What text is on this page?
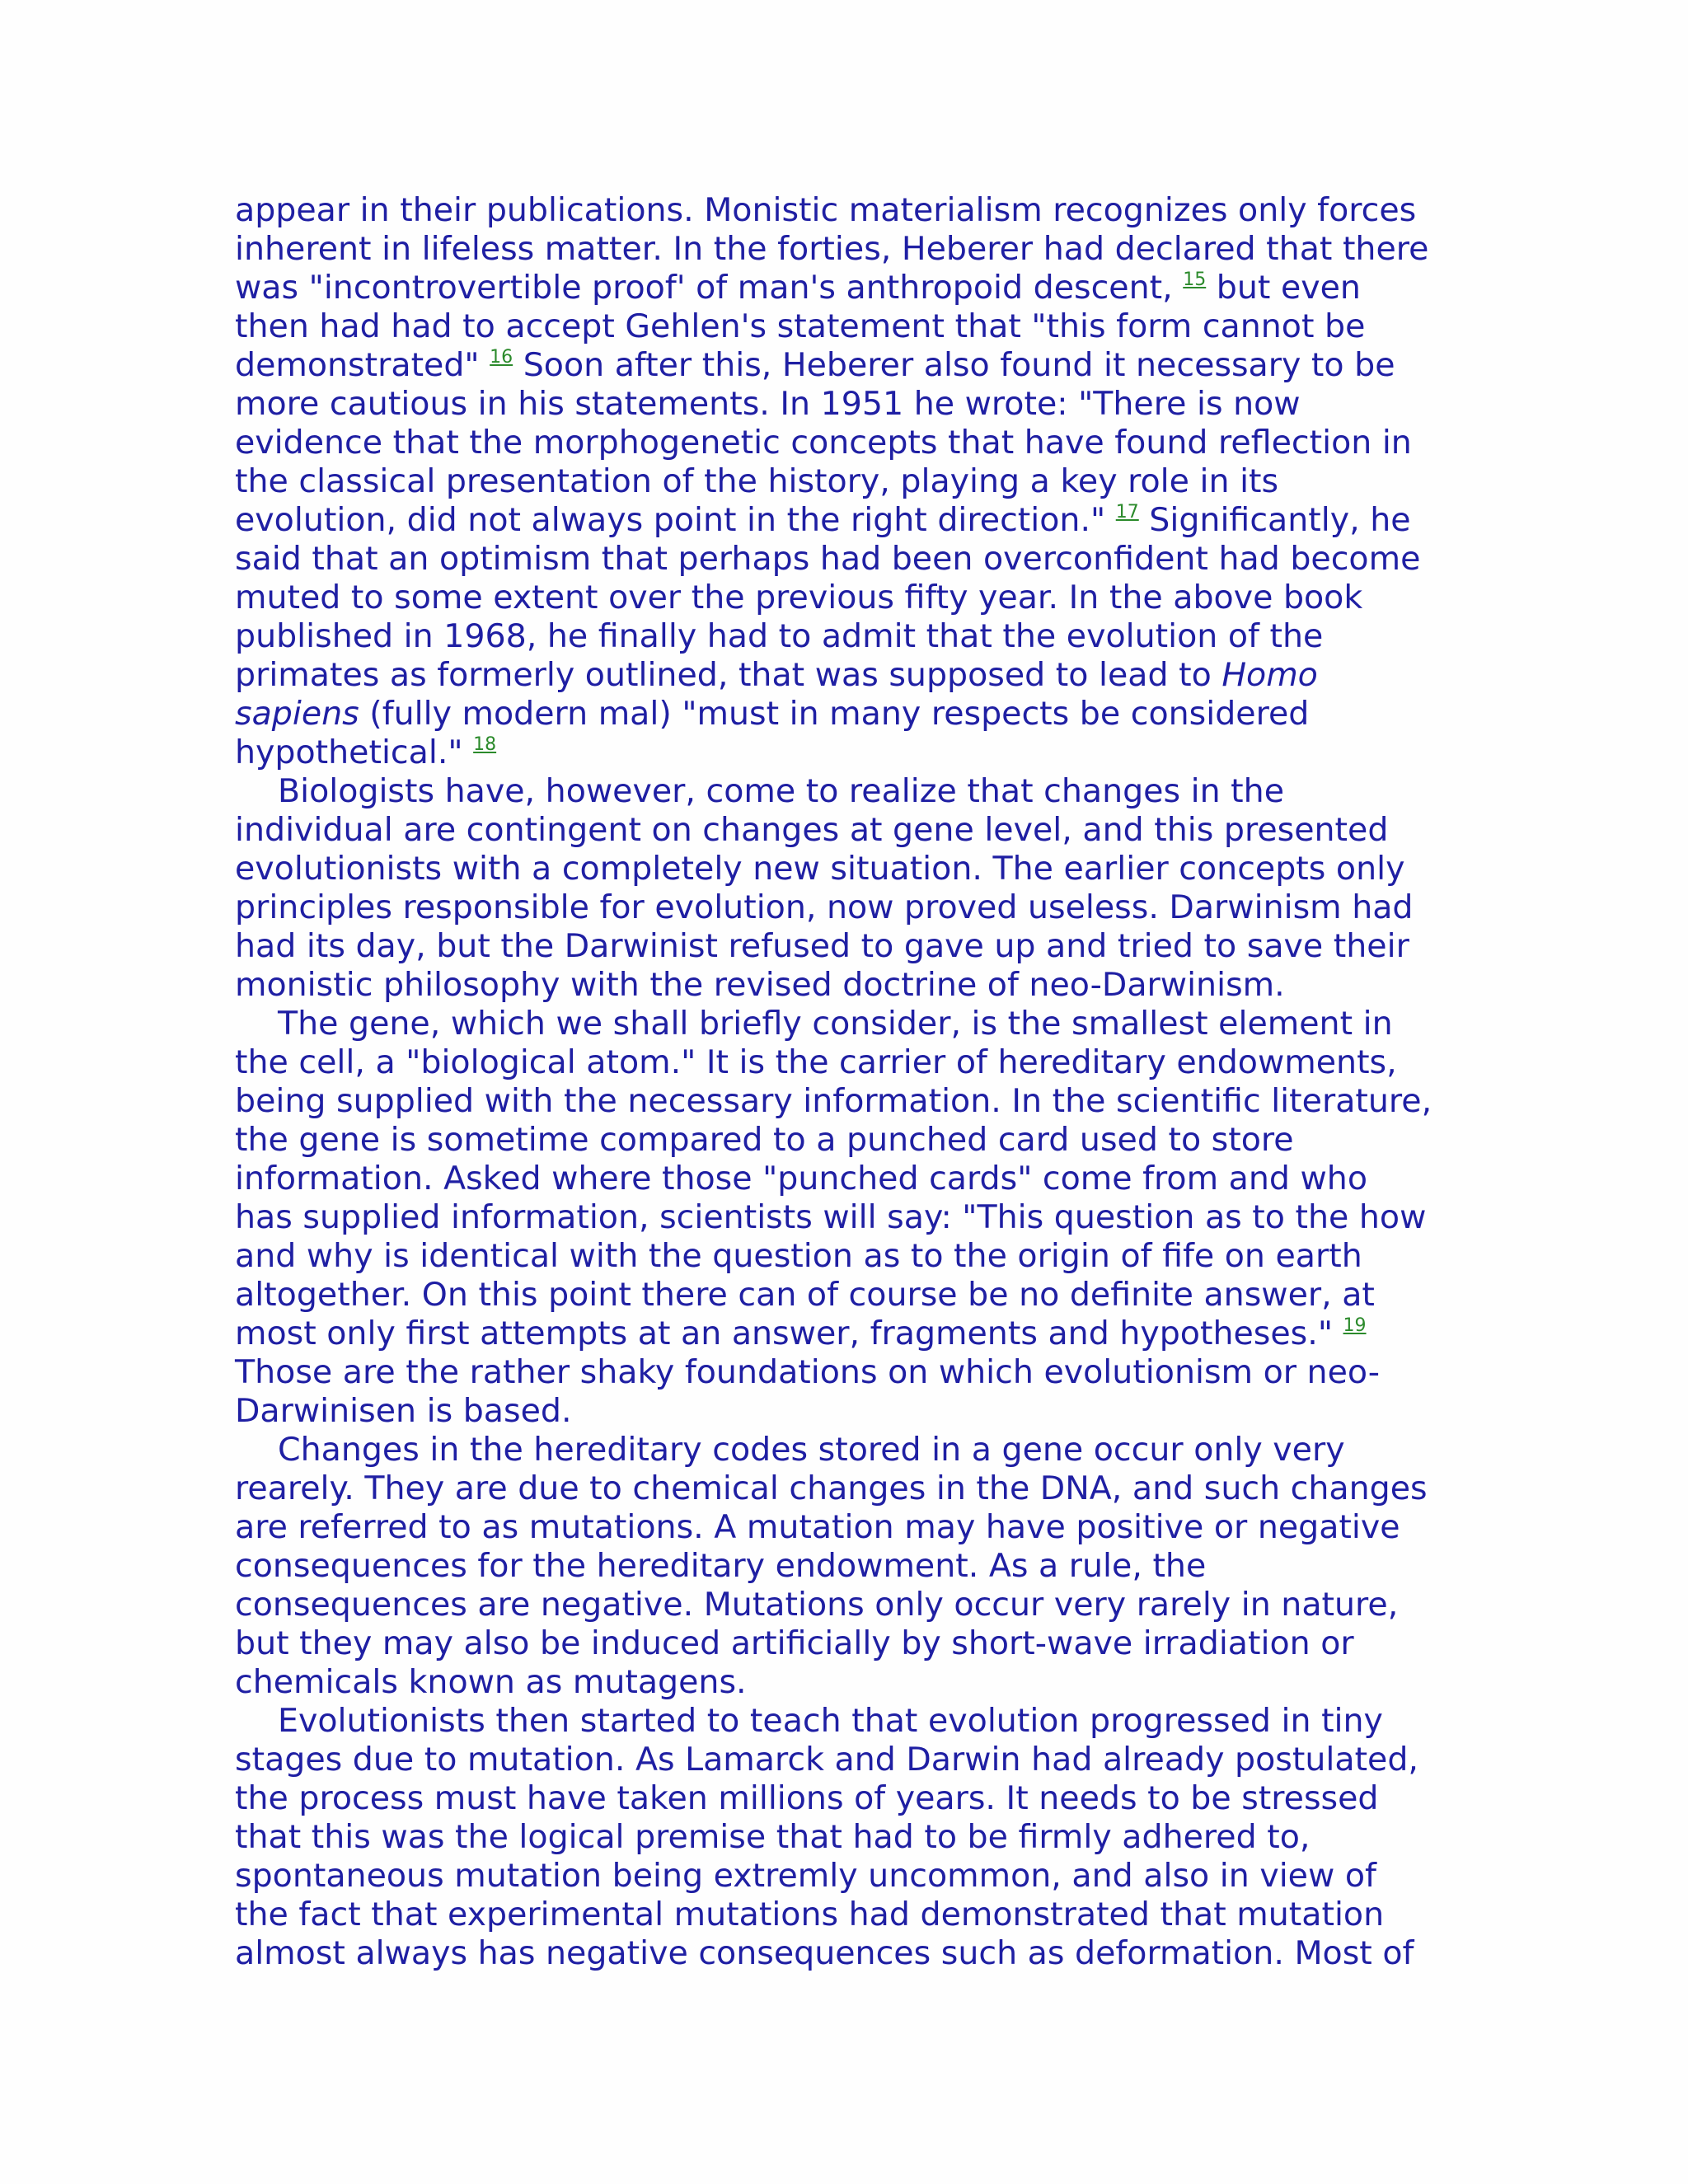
appear in their publications. Monistic materialism recognizes only forces
inherent in lifeless matter. In the forties, Heberer had declared that there
was "incontrovertible proof' of man's anthropoid descent, $^{15}$ but even
then had had to accept Gehlen's statement that "this form cannot be
demonstrated" $^{16}$ Soon after this, Heberer also found it necessary to be
more cautious in his statements. In 1951 he wrote: "There is now
evidence that the morphogenetic concepts that have found reflection in
the classical presentation of the history, playing a key role in its
evolution, did not always point in the right direction." $^{17}$ Significantly, he
said that an optimism that perhaps had been overconfident had become
muted to some extent over the previous fifty year. In the above book
published in 1968, he finally had to admit that the evolution of the
primates as formerly outlined, that was supposed to lead to Homo
sapiens (fully modern mal) "must in many respects be considered
hypothetical." $^{18}$
Biologists have, however, come to realize that changes in the
individual are contingent on changes at gene level, and this presented
evolutionists with a completely new situation. The earlier concepts only
principles responsible for evolution, now proved useless. Darwinism had
had its day, but the Darwinist refused to gave up and tried to save their
monistic philosophy with the revised doctrine of neo-Darwinism.
The gene, which we shall briefly consider, is the smallest element in
the cell, a "biological atom." It is the carrier of hereditary endowments,
being supplied with the necessary information. In the scientific literature,
the gene is sometime compared to a punched card used to store
information. Asked where those "punched cards" come from and who
has supplied information, scientists will say: "This question as to the how
and why is identical with the question as to the origin of fife on earth
altogether. On this point there can of course be no definite answer, at
most only first attempts at an answer, fragments and hypotheses." $^{19}$
Those are the rather shaky foundations on which evolutionism or neo-
Darwinisen is based.
Changes in the hereditary codes stored in a gene occur only very
rearely. They are due to chemical changes in the DNA, and such changes
are referred to as mutations. A mutation may have positive or negative
consequences for the hereditary endowment. As a rule, the
consequences are negative. Mutations only occur very rarely in nature,
but they may also be induced artificially by short-wave irradiation or
chemicals known as mutagens.
Evolutionists then started to teach that evolution progressed in tiny
stages due to mutation. As Lamarck and Darwin had already postulated,
the process must have taken millions of years. It needs to be stressed
that this was the logical premise that had to be firmly adhered to,
spontaneous mutation being extremly uncommon, and also in view of
the fact that experimental mutations had demonstrated that mutation
almost always has negative consequences such as deformation. Most of
